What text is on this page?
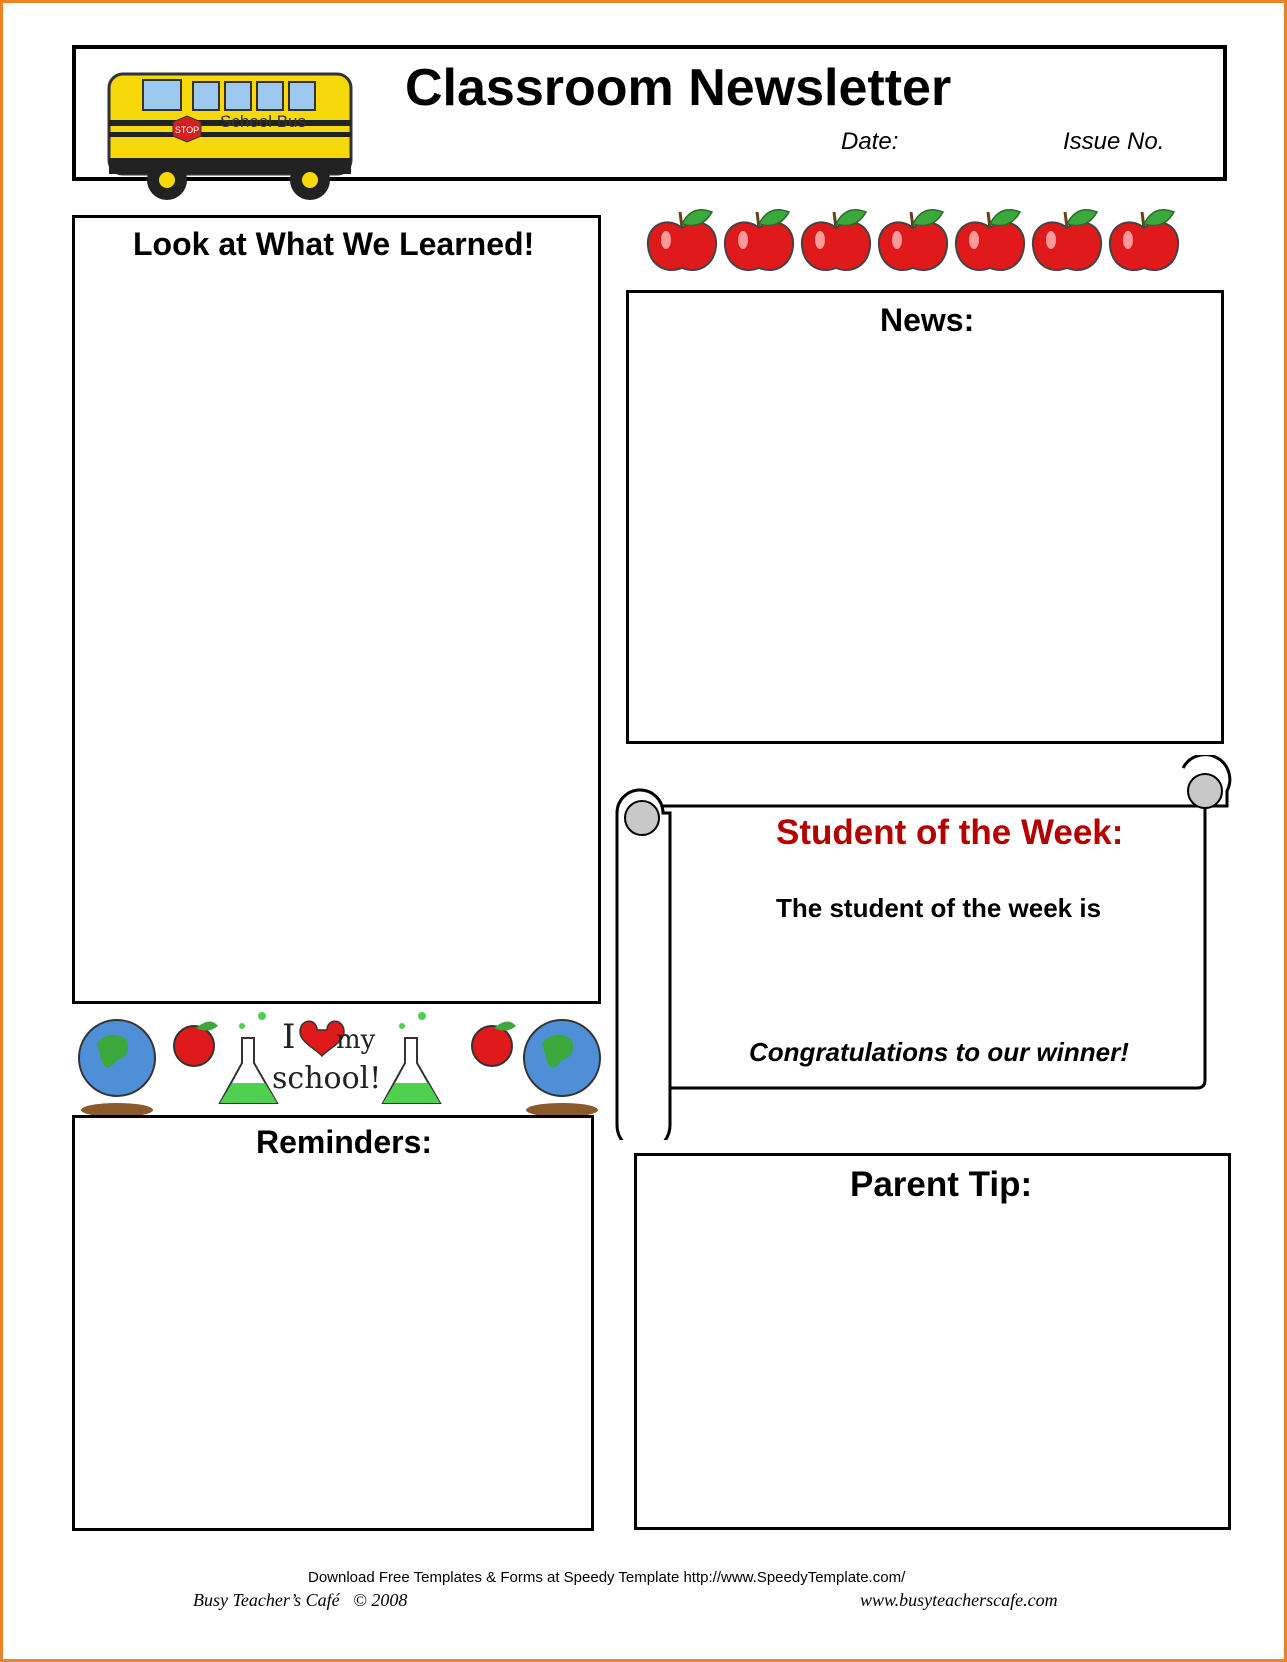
STOP School Bus
Classroom Newsletter
Date:	Issue No.
Look at What We Learned!
News:
Student of the Week:
The student of the week is
Congratulations to our winner!
I my
school!
Reminders:
Parent Tip:
Download Free Templates & Forms at Speedy Template http://www.SpeedyTemplate.com/
Busy Teacher’s Café   © 2008	www.busyteacherscafe.com
